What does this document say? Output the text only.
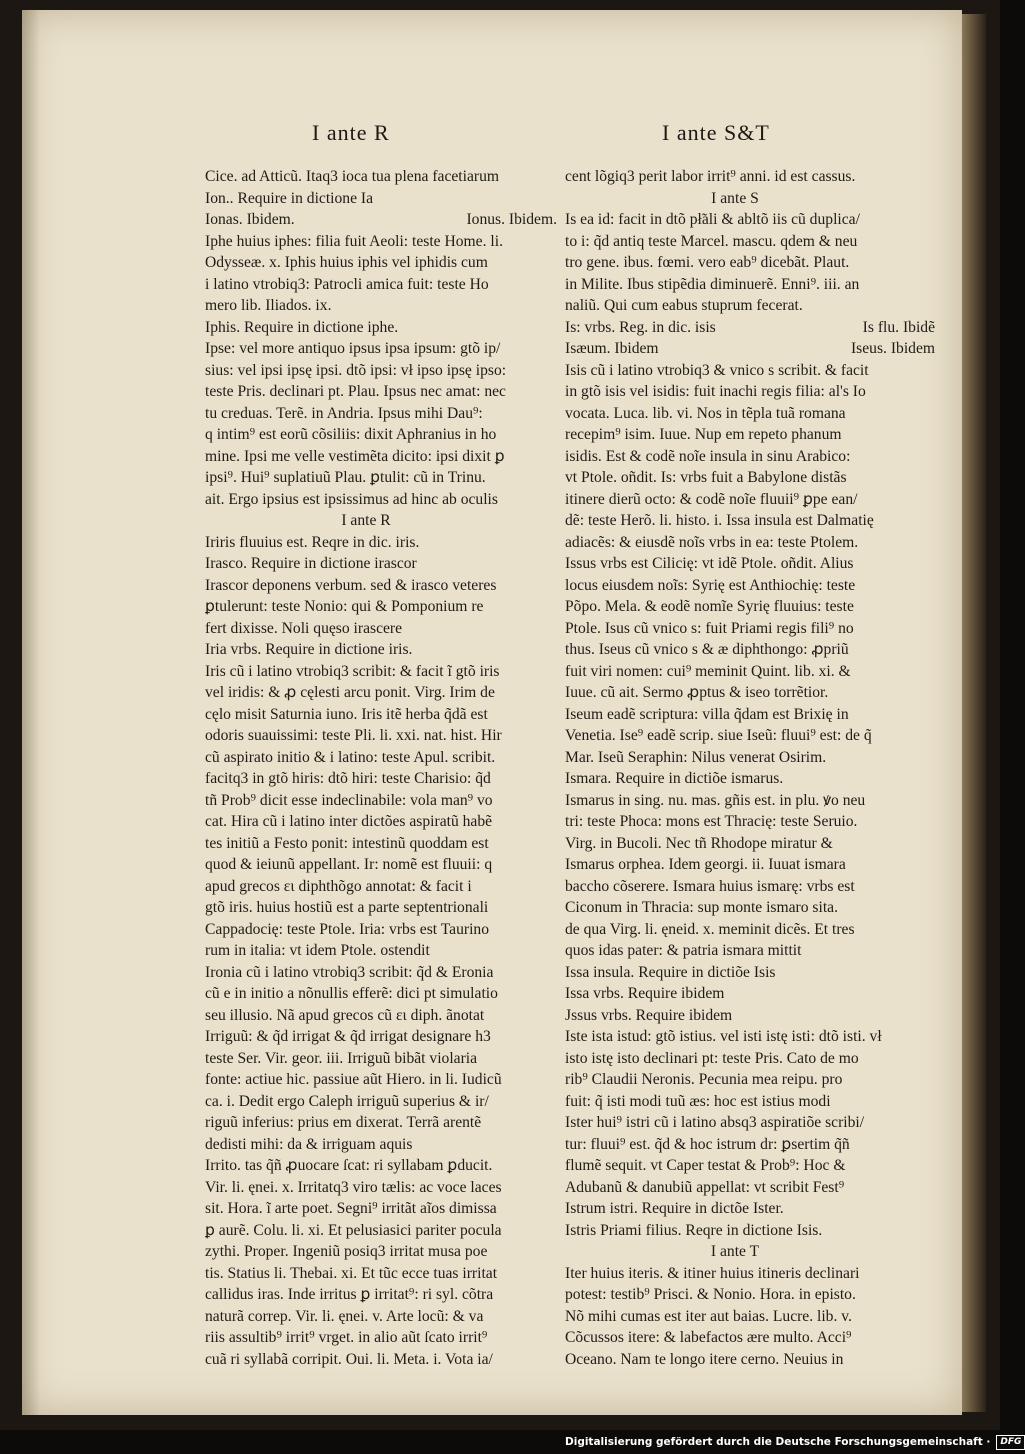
I ante R	I ante S&T
Cice. ad Atticũ. Itaq3 ioca tua plena facetiarum
Ion.. Require in dictione Ia
Ionas. Ibidem.	Ionus. Ibidem.
Iphe huius iphes: filia fuit Aeoli: teste Home. li.
Odysseæ. x. Iphis huius iphis vel iphidis cum
i latino vtrobiq3: Patrocli amica fuit: teste Ho
mero lib. Iliados. ix.
Iphis. Require in dictione iphe.
Ipse: vel more antiquo ipsus ipsa ipsum: gtõ ip/
sius: vel ipsi ipsę ipsi. dtõ ipsi: vł ipso ipsę ipso:
teste Pris. declinari pt. Plau. Ipsus nec amat: nec
tu creduas. Terẽ. in Andria. Ipsus mihi Dau⁹:
q intim⁹ est eorũ cõsiliis: dixit Aphranius in ho
mine. Ipsi me velle vestimẽta dicito: ipsi dixit ꝑ
ipsi⁹. Hui⁹ suplatiuũ Plau. ꝑtulit: cũ in Trinu.
ait. Ergo ipsius est ipsissimus ad hinc ab oculis
I ante R
Iriris fluuius est. Reqre in dic. iris.
Irasco. Require in dictione irascor
Irascor deponens verbum. sed & irasco veteres
ꝑtulerunt: teste Nonio: qui & Pomponium re
fert dixisse. Noli quęso irascere
Iria vrbs. Require in dictione iris.
Iris cũ i latino vtrobiq3 scribit: & facit ĩ gtõ iris
vel iridis: & ꝓ cęlesti arcu ponit. Virg. Irim de
cęlo misit Saturnia iuno. Iris itẽ herba q̃dã est
odoris suauissimi: teste Pli. li. xxi. nat. hist. Hir
cũ aspirato initio & i latino: teste Apul. scribit.
facitq3 in gtõ hiris: dtõ hiri: teste Charisio: q̃d
tñ Prob⁹ dicit esse indeclinabile: vola man⁹ vo
cat. Hira cũ i latino inter dictões aspiratũ habẽ
tes initiũ a Festo ponit: intestinũ quoddam est
quod & ieiunũ appellant. Ir: nomẽ est fluuii: q
apud grecos ει diphthõgo annotat: & facit i
gtõ iris. huius hostiũ est a parte septentrionali
Cappadocię: teste Ptole. Iria: vrbs est Taurino
rum in italia: vt idem Ptole. ostendit
Ironia cũ i latino vtrobiq3 scribit: q̃d & Eronia
cũ e in initio a nõnullis efferẽ: dici pt simulatio
seu illusio. Nã apud grecos cũ ει diph. ãnotat
Irriguũ: & q̃d irrigat & q̃d irrigat designare h3
teste Ser. Vir. geor. iii. Irriguũ bibãt violaria
fonte: actiue hic. passiue aũt Hiero. in li. Iudicũ
ca. i. Dedit ergo Caleph irriguũ superius & ir/
riguũ inferius: prius em dixerat. Terrã arentẽ
dedisti mihi: da & irriguam aquis
Irrito. tas q̃ñ ꝓuocare ſcat: ri syllabam ꝑducit.
Vir. li. ęnei. x. Irritatq3 viro tælis: ac voce laces
sit. Hora. ĩ arte poet. Segni⁹ irritãt aĩos dimissa
ꝑ aurẽ. Colu. li. xi. Et pelusiasici pariter pocula
zythi. Proper. Ingeniũ posiq3 irritat musa poe
tis. Statius li. Thebai. xi. Et tũc ecce tuas irritat
callidus iras. Inde irritus ꝑ irritat⁹: ri syl. cõtra
naturã correp. Vir. li. ęnei. v. Arte locũ: & va
riis assultib⁹ irrit⁹ vrget. in alio aũt ſcato irrit⁹
cuã ri syllabã corripit. Oui. li. Meta. i. Vota ia/
cent lõgiq3 perit labor irrit⁹ anni. id est cassus.
I ante S
Is ea id: facit in dtõ pł̃ali & abltõ iis cũ duplica/
to i: q̃d antiq teste Marcel. mascu. qdem & neu
tro gene. ibus. fœmi. vero eab⁹ dicebãt. Plaut.
in Milite. Ibus stipẽdia diminuerẽ. Enni⁹. iii. an
naliũ. Qui cum eabus stuprum fecerat.
Is: vrbs. Reg. in dic. isis	Is flu. Ibidẽ
Isæum. Ibidem	Iseus. Ibidem
Isis cũ i latino vtrobiq3 & vnico s scribit. & facit
in gtõ isis vel isidis: fuit inachi regis filia: al's Io
vocata. Luca. lib. vi. Nos in tẽpla tuã romana
recepim⁹ isim. Iuue. Nup em repeto phanum
isidis. Est & codẽ noĩe insula in sinu Arabico:
vt Ptole. oñdit. Is: vrbs fuit a Babylone distãs
itinere dierũ octo: & codẽ noĩe fluuii⁹ ꝑpe ean/
dẽ: teste Herõ. li. histo. i. Issa insula est Dalmatię
adiacẽs: & eiusdẽ noĩs vrbs in ea: teste Ptolem.
Issus vrbs est Cilicię: vt idẽ Ptole. oñdit. Alius
locus eiusdem noĩs: Syrię est Anthiochię: teste
Põpo. Mela. & eodẽ nomĩe Syrię fluuius: teste
Ptole. Isus cũ vnico s: fuit Priami regis fili⁹ no
thus. Iseus cũ vnico s & æ diphthongo: ꝓpriũ
fuit viri nomen: cui⁹ meminit Quint. lib. xi. &
Iuue. cũ ait. Sermo ꝓptus & iseo torrẽtior.
Iseum eadẽ scriptura: villa q̃dam est Brixię in
Venetia. Ise⁹ eadẽ scrip. siue Iseũ: fluui⁹ est: de q̃
Mar. Iseũ Seraphin: Nilus venerat Osirim.
Ismara. Require in dictiõe ismarus.
Ismarus in sing. nu. mas. gñis est. in plu. ꝟo neu
tri: teste Phoca: mons est Thracię: teste Seruio.
Virg. in Bucoli. Nec tñ Rhodope miratur &
Ismarus orphea. Idem georgi. ii. Iuuat ismara
baccho cõserere. Ismara huius ismarę: vrbs est
Ciconum in Thracia: sup monte ismaro sita.
de qua Virg. li. ęneid. x. meminit dicẽs. Et tres
quos idas pater: & patria ismara mittit
Issa insula. Require in dictiõe Isis
Issa vrbs. Require ibidem
Jssus vrbs. Require ibidem
Iste ista istud: gtõ istius. vel isti istę isti: dtõ isti. vł
isto istę isto declinari pt: teste Pris. Cato de mo
rib⁹ Claudii Neronis. Pecunia mea reipu. pro
fuit: q̃ isti modi tuũ æs: hoc est istius modi
Ister hui⁹ istri cũ i latino absq3 aspiratiõe scribi/
tur: fluui⁹ est. q̃d & hoc istrum dr: ꝑsertim q̃ñ
flumẽ sequit. vt Caper testat & Prob⁹: Hoc &
Adubanũ & danubiũ appellat: vt scribit Fest⁹
Istrum istri. Require in dictõe Ister.
Istris Priami filius. Reqre in dictione Isis.
I ante T
Iter huius iteris. & itiner huius itineris declinari
potest: testib⁹ Prisci. & Nonio. Hora. in episto.
Nõ mihi cumas est iter aut baias. Lucre. lib. v.
Cõcussos itere: & labefactos ære multo. Acci⁹
Oceano. Nam te longo itere cerno. Neuius in
Digitalisierung gefördert durch die Deutsche Forschungsgemeinschaft ·	DFG
